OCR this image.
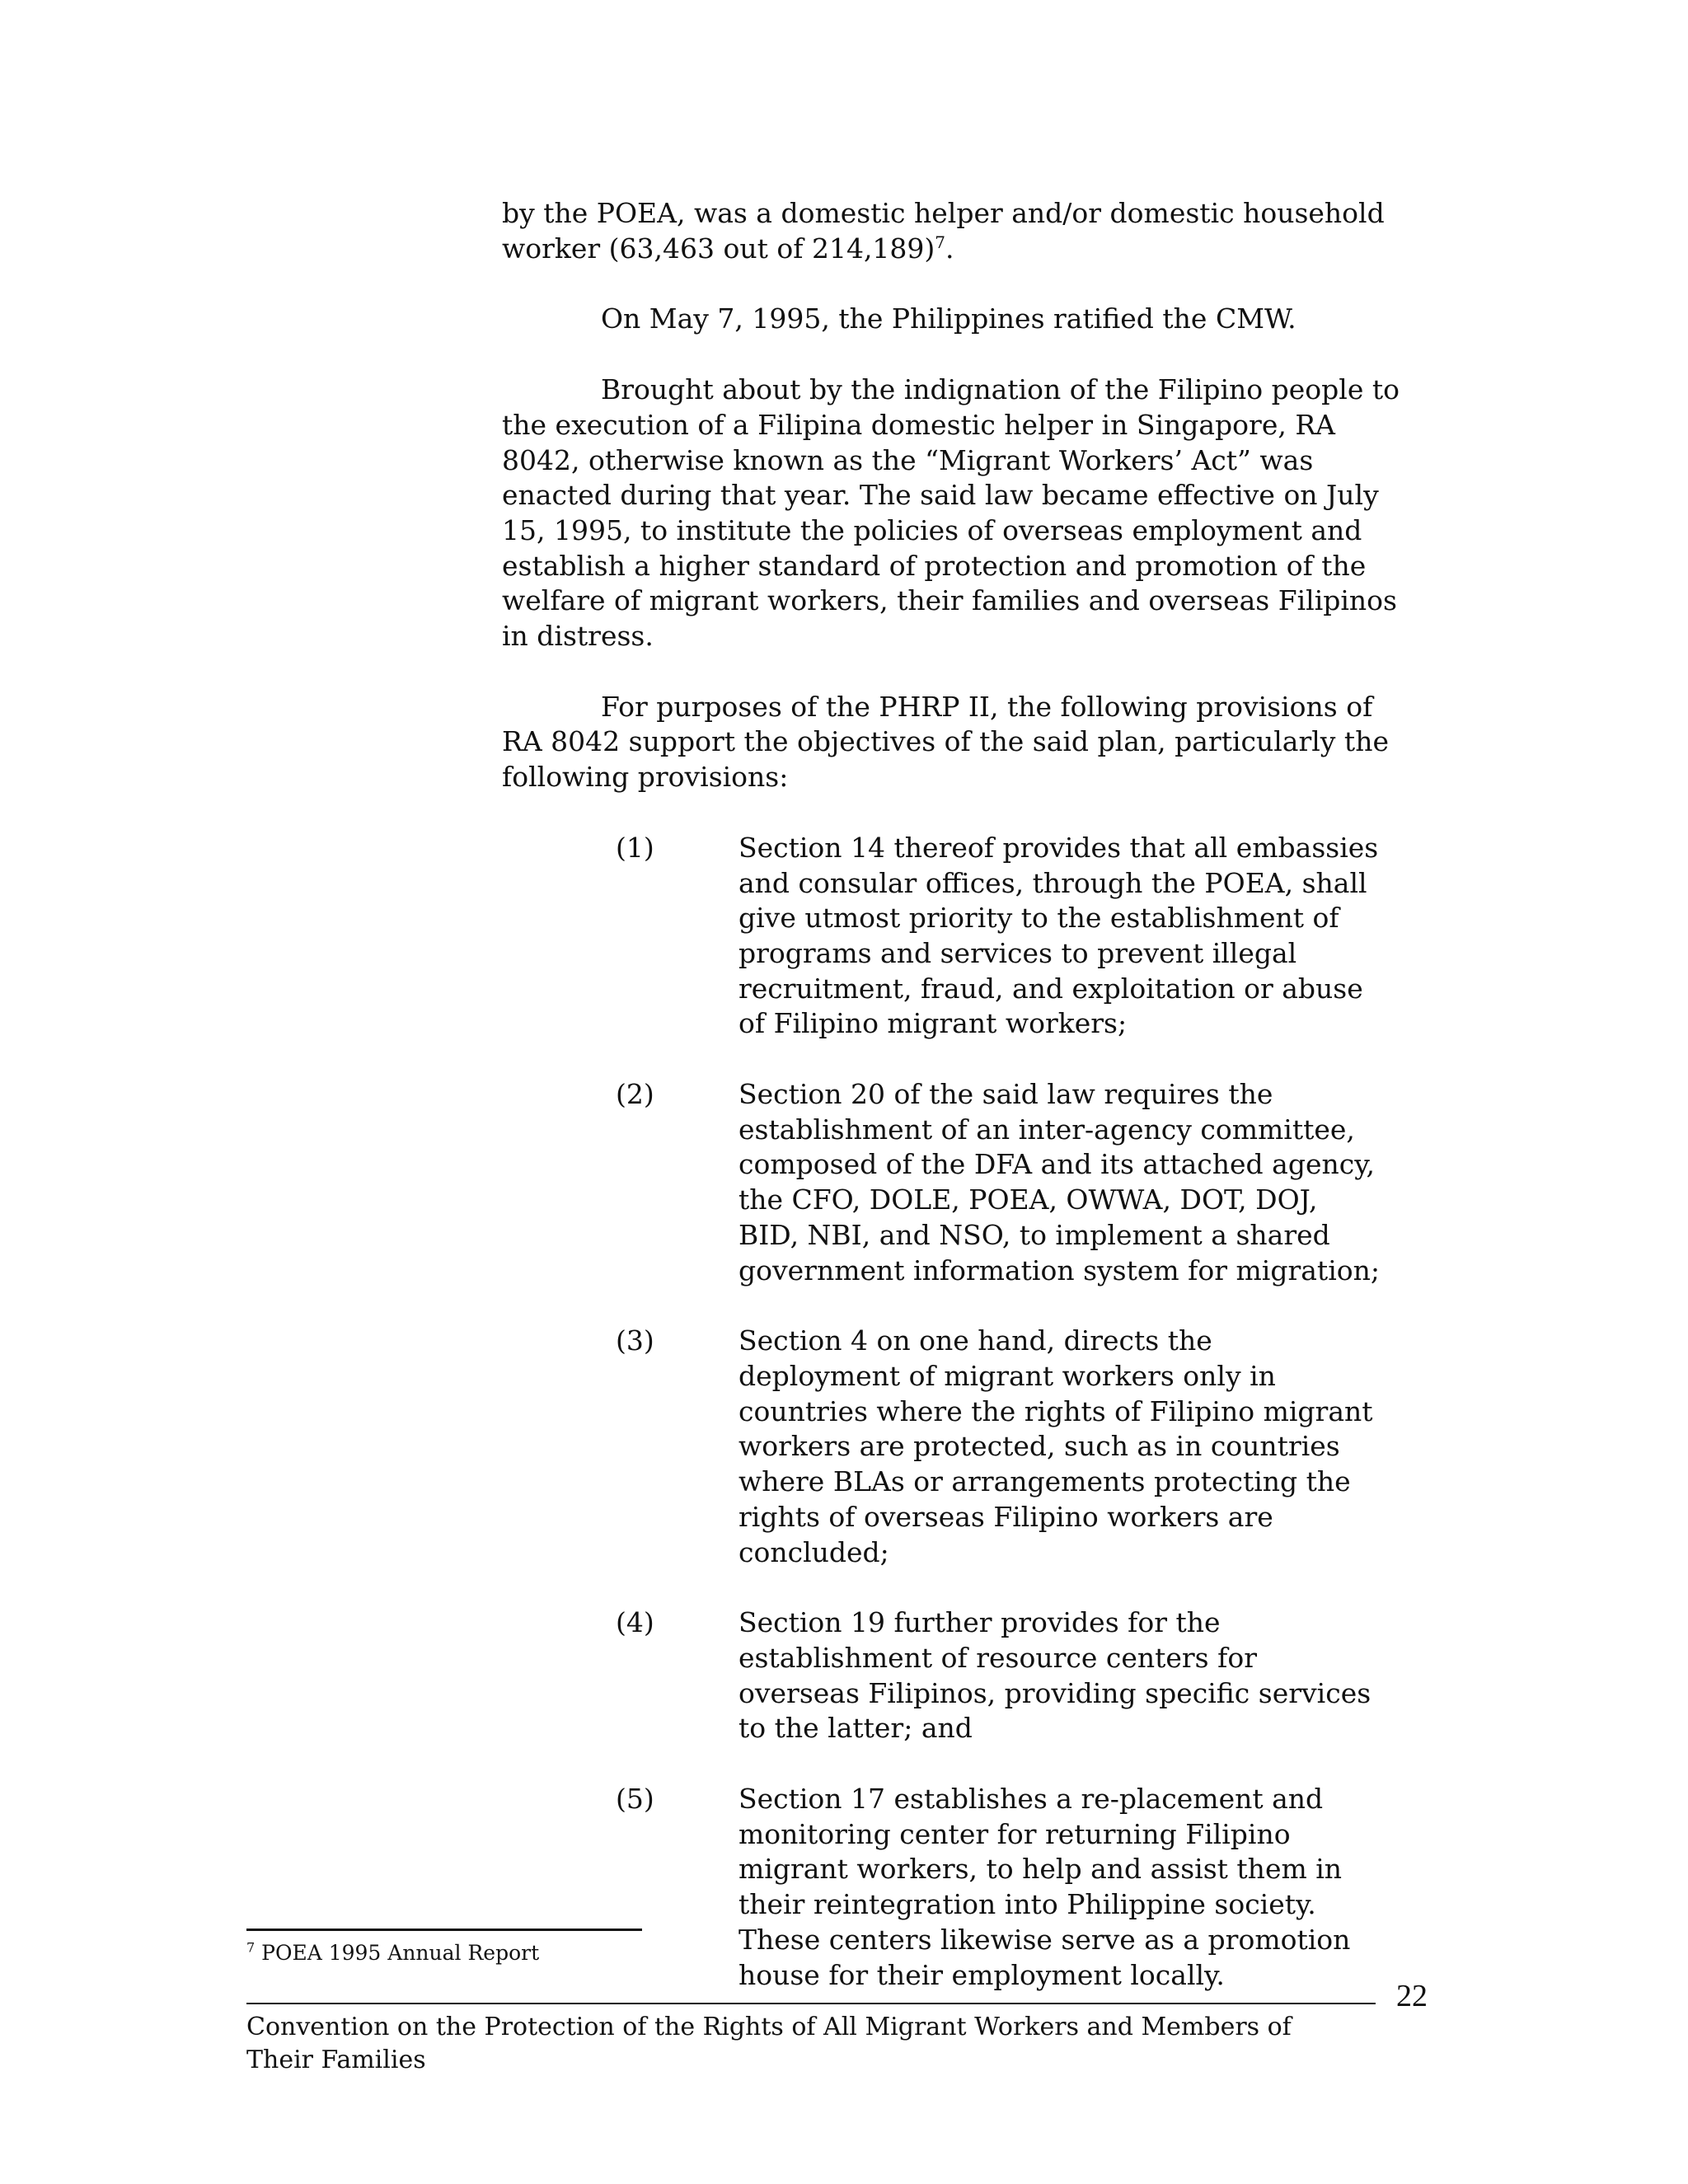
by the POEA, was a domestic helper and/or domestic household worker (63,463 out of 214,189)$^7$.

On May 7, 1995, the Philippines ratified the CMW.

Brought about by the indignation of the Filipino people to the execution of a Filipina domestic helper in Singapore, RA 8042, otherwise known as the “Migrant Workers’ Act” was enacted during that year. The said law became effective on July 15, 1995, to institute the policies of overseas employment and establish a higher standard of protection and promotion of the welfare of migrant workers, their families and overseas Filipinos in distress.

For purposes of the PHRP II, the following provisions of RA 8042 support the objectives of the said plan, particularly the following provisions:

(1)	Section 14 thereof provides that all embassies and consular offices, through the POEA, shall give utmost priority to the establishment of programs and services to prevent illegal recruitment, fraud, and exploitation or abuse of Filipino migrant workers;
(2)	Section 20 of the said law requires the establishment of an inter-agency committee, composed of the DFA and its attached agency, the CFO, DOLE, POEA, OWWA, DOT, DOJ, BID, NBI, and NSO, to implement a shared government information system for migration;
(3)	Section 4 on one hand, directs the deployment of migrant workers only in countries where the rights of Filipino migrant workers are protected, such as in countries where BLAs or arrangements protecting the rights of overseas Filipino workers are concluded;
(4)	Section 19 further provides for the establishment of resource centers for overseas Filipinos, providing specific services to the latter; and
(5)	Section 17 establishes a re-placement and monitoring center for returning Filipino migrant workers, to help and assist them in their reintegration into Philippine society. These centers likewise serve as a promotion house for their employment locally.
$^7$ POEA 1995 Annual Report
22
Convention on the Protection of the Rights of All Migrant Workers and Members of Their Families
